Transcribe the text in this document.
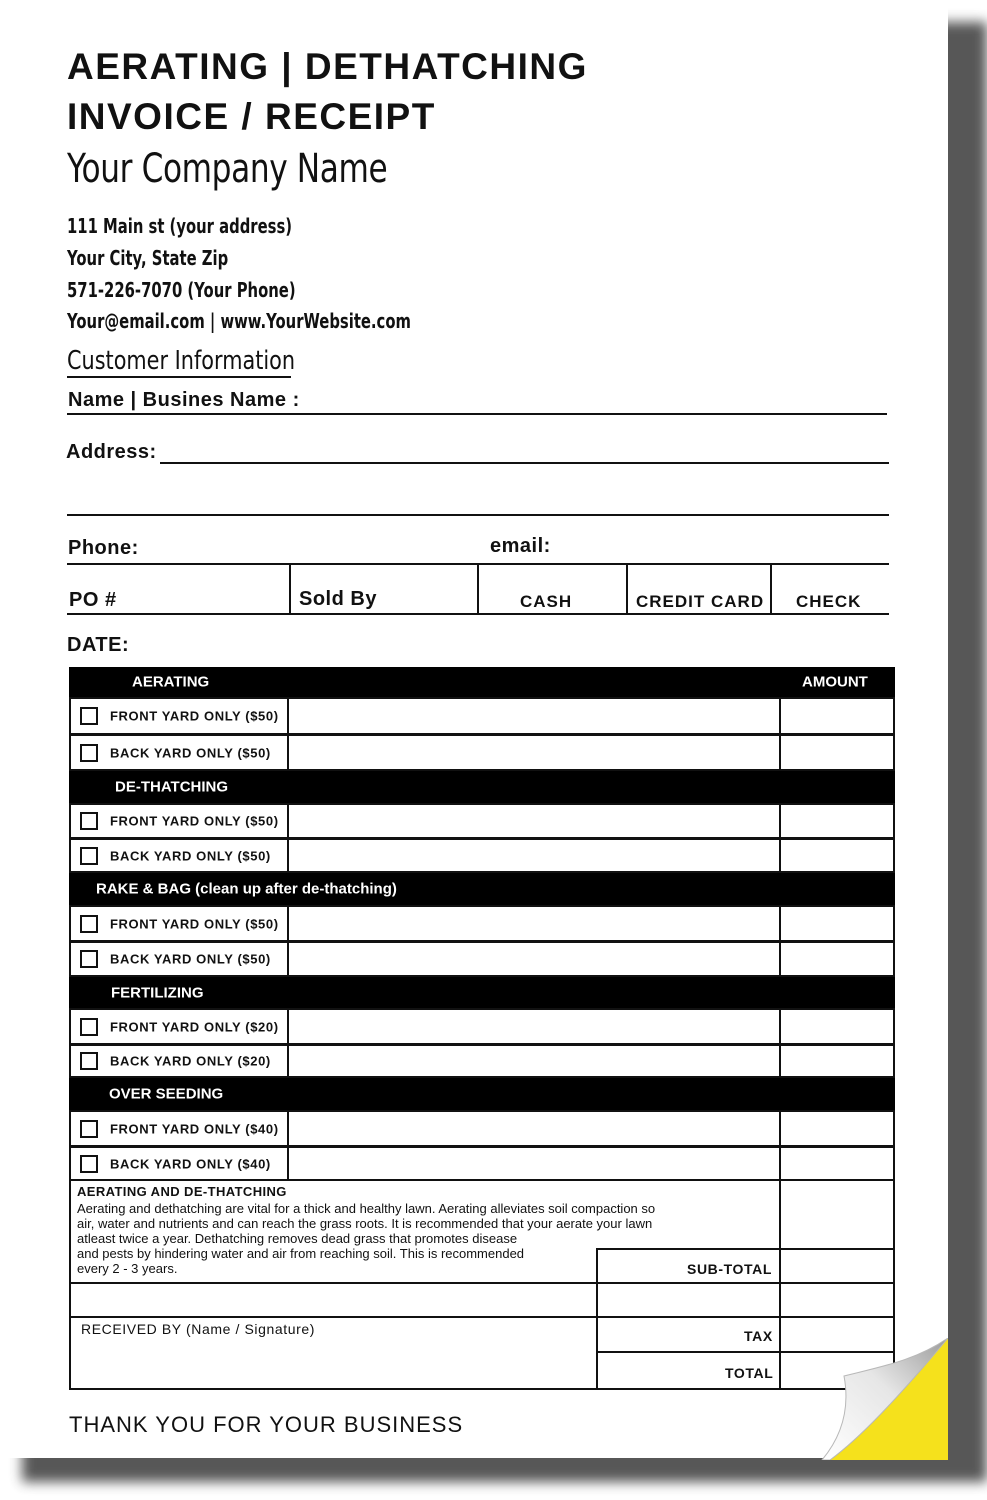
AERATING | DETHATCHING
INVOICE / RECEIPT
Your Company Name
111 Main st (your address)
Your City, State Zip
571-226-7070 (Your Phone)
Your@email.com | www.YourWebsite.com
Customer Information
Name | Busines Name :
Address:
Phone:	email:
PO #	Sold By	CASH	CREDIT CARD CHECK
DATE:
AERATING	AMOUNT
FRONT YARD ONLY ($50)
BACK YARD ONLY ($50)
DE-THATCHING
FRONT YARD ONLY ($50)
BACK YARD ONLY ($50)
RAKE & BAG (clean up after de-thatching)
FRONT YARD ONLY ($50)
BACK YARD ONLY ($50)
FERTILIZING
FRONT YARD ONLY ($20)
BACK YARD ONLY ($20)
OVER SEEDING
FRONT YARD ONLY ($40)
BACK YARD ONLY ($40)
AERATING AND DE-THATCHING
Aerating and dethatching are vital for a thick and healthy lawn. Aerating alleviates soil compaction so
air, water and nutrients and can reach the grass roots. It is recommended that your aerate your lawn
atleast twice a year. Dethatching removes dead grass that promotes disease
and pests by hindering water and air from reaching soil. This is recommended
every 2 - 3 years.	SUB-TOTAL
TAX
TOTAL
RECEIVED BY (Name / Signature)
THANK YOU FOR YOUR BUSINESS
